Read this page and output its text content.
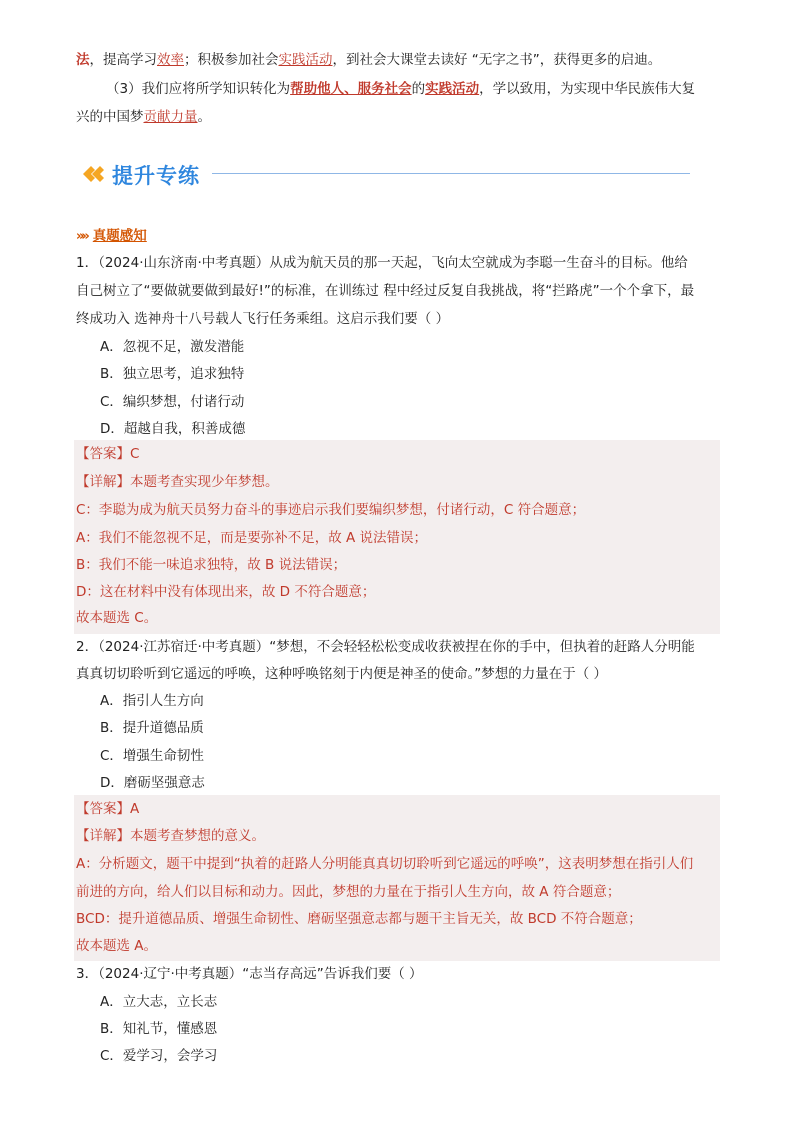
法，提高学习效率；积极参加社会实践活动，到社会大课堂去读好 “无字之书”，获得更多的启迪。
（3）我们应将所学知识转化为帮助他人、服务社会的实践活动，学以致用，为实现中华民族伟大复
兴的中国梦贡献力量。
提升专练
»» 真题感知
1．（2024·山东济南·中考真题）从成为航天员的那一天起，飞向太空就成为李聪一生奋斗的目标。他给
自己树立了“要做就要做到最好!”的标准，在训练过 程中经过反复自我挑战，将“拦路虎”一个个拿下，最
终成功入 选神舟十八号载人飞行任务乘组。这启示我们要（ ）
A．忽视不足，激发潜能
B．独立思考，追求独特
C．编织梦想，付诸行动
D．超越自我，积善成德
【答案】C
【详解】本题考查实现少年梦想。
C：李聪为成为航天员努力奋斗的事迹启示我们要编织梦想，付诸行动，C 符合题意；
A：我们不能忽视不足，而是要弥补不足，故 A 说法错误；
B：我们不能一味追求独特，故 B 说法错误；
D：这在材料中没有体现出来，故 D 不符合题意；
故本题选 C。
2．（2024·江苏宿迁·中考真题）“梦想，不会轻轻松松变成收获被捏在你的手中，但执着的赶路人分明能
真真切切聆听到它遥远的呼唤，这种呼唤铭刻于内便是神圣的使命。”梦想的力量在于（ ）
A．指引人生方向
B．提升道德品质
C．增强生命韧性
D．磨砺坚强意志
【答案】A
【详解】本题考查梦想的意义。
A：分析题文，题干中提到“执着的赶路人分明能真真切切聆听到它遥远的呼唤”，这表明梦想在指引人们
前进的方向，给人们以目标和动力。因此，梦想的力量在于指引人生方向，故 A 符合题意；
BCD：提升道德品质、增强生命韧性、磨砺坚强意志都与题干主旨无关，故 BCD 不符合题意；
故本题选 A。
3．（2024·辽宁·中考真题）“志当存高远”告诉我们要（ ）
A．立大志，立长志
B．知礼节，懂感恩
C．爱学习，会学习
